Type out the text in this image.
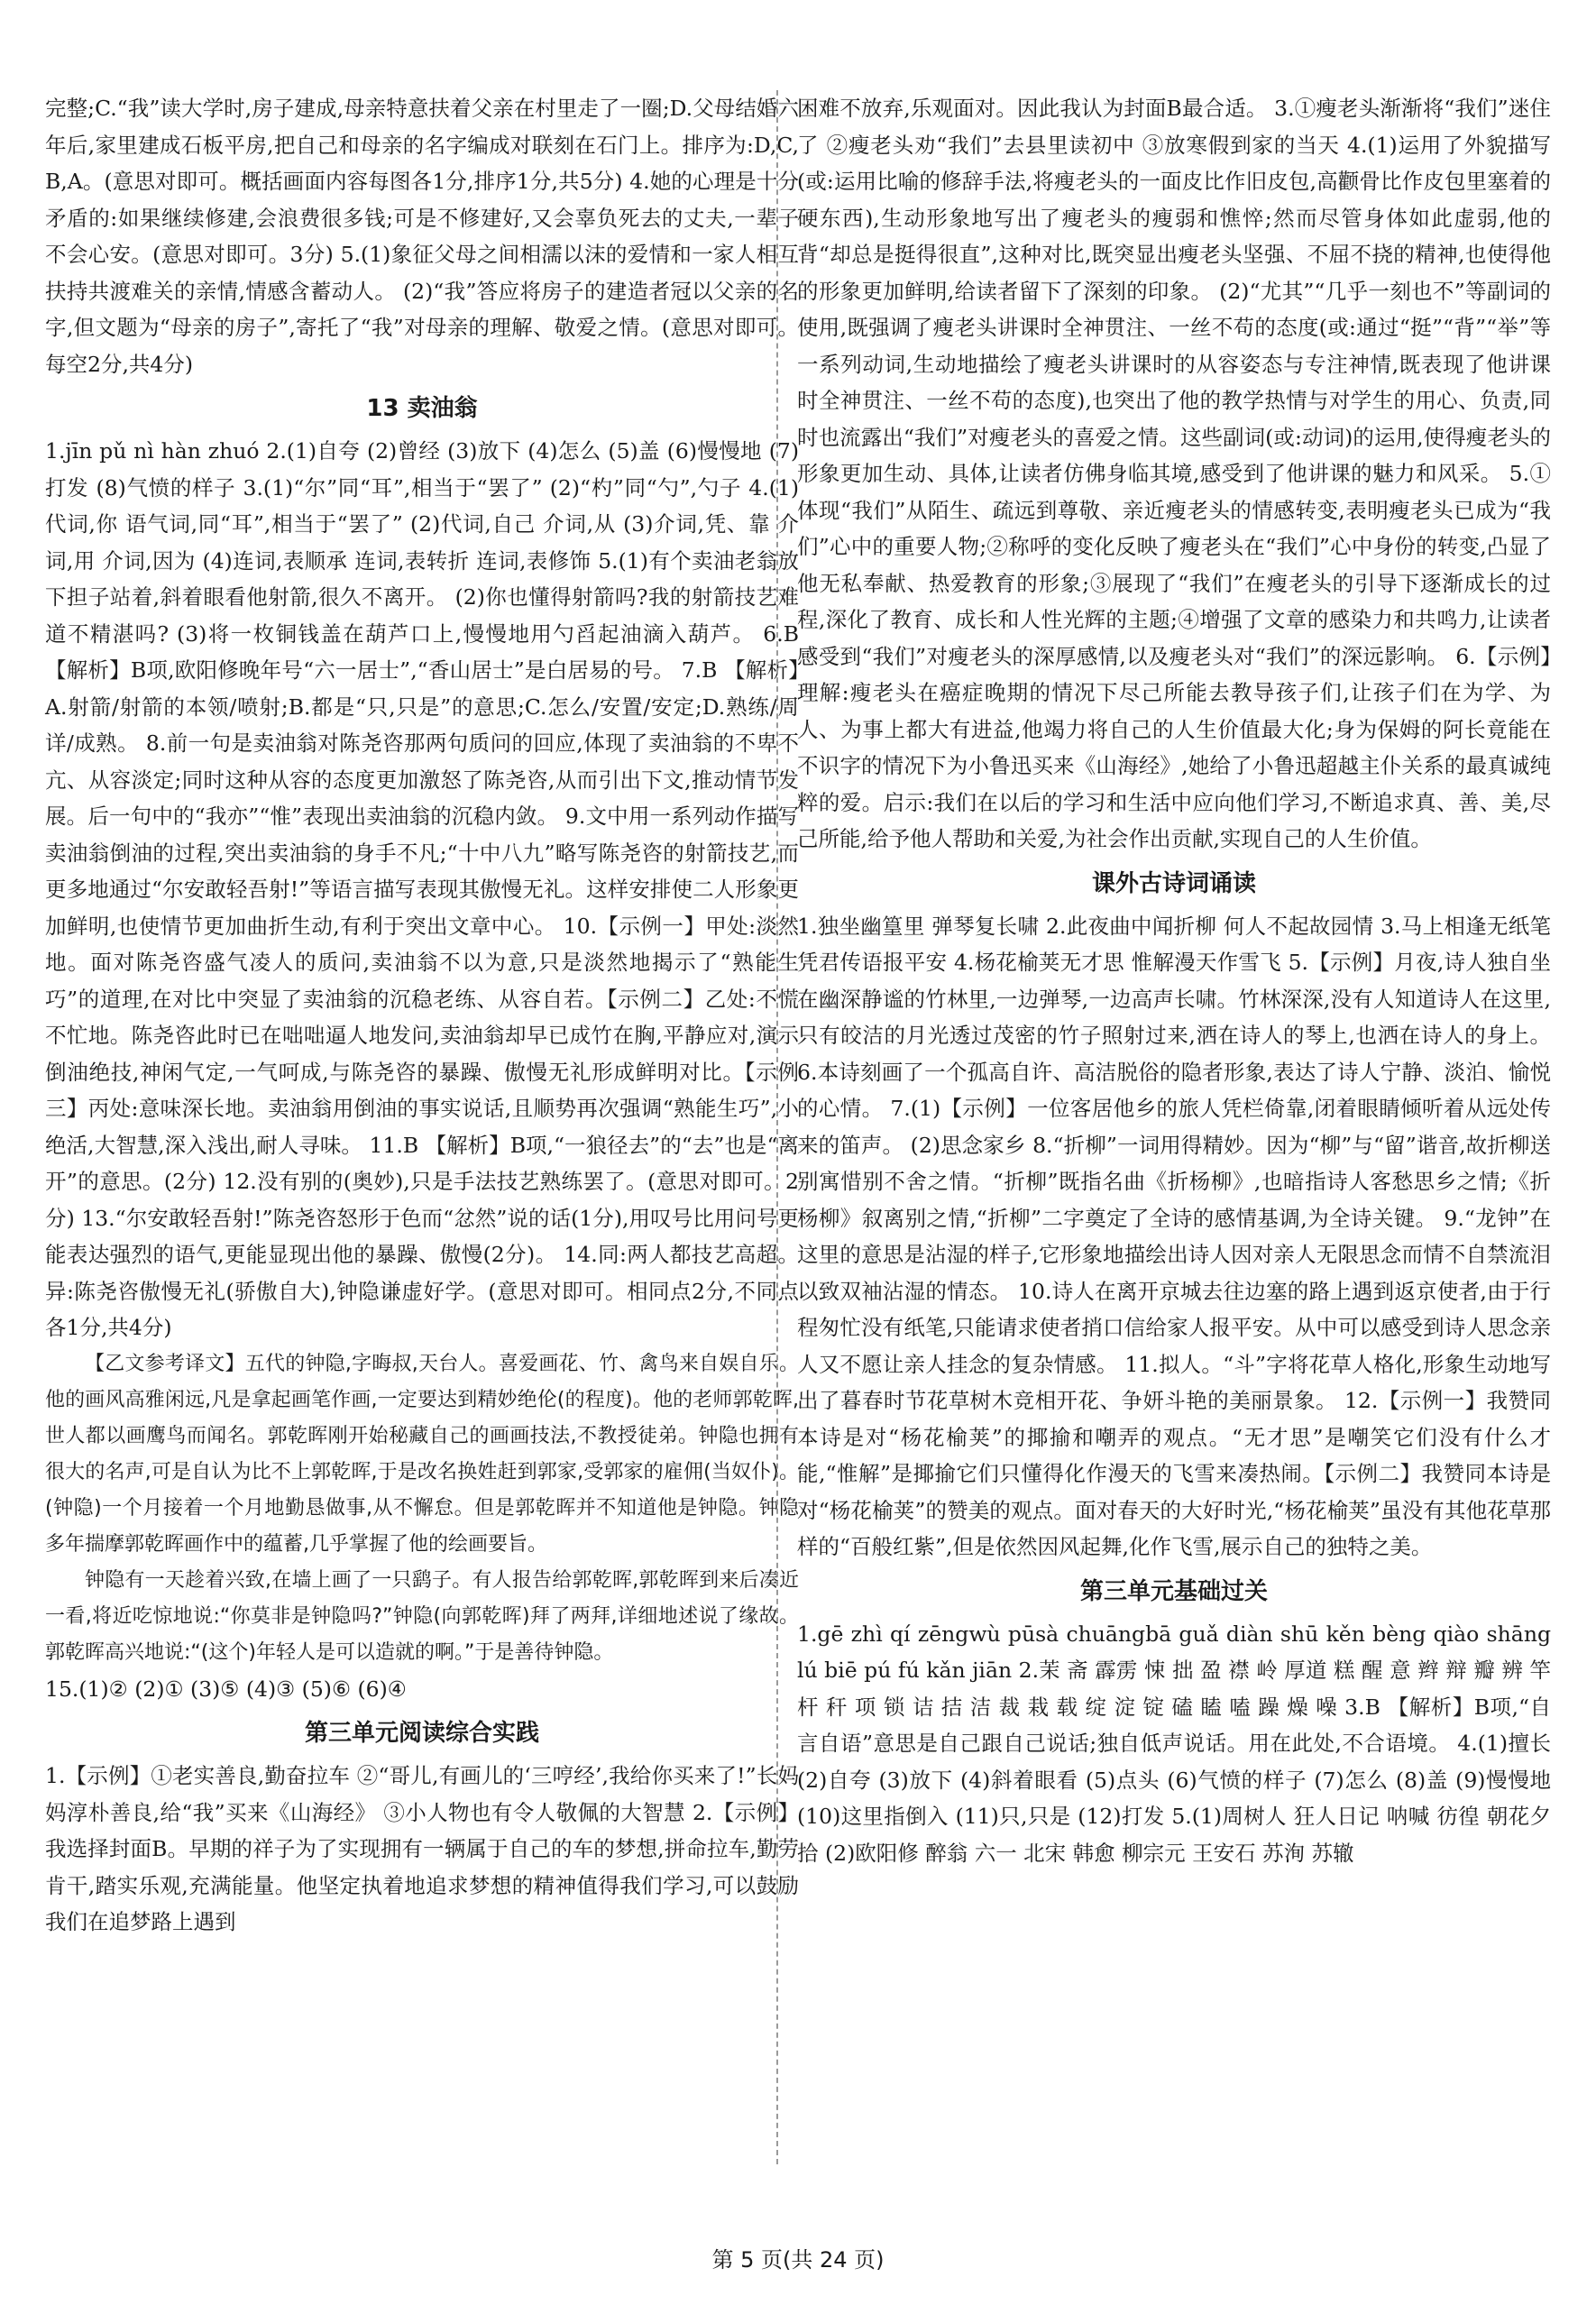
完整;C.“我”读大学时,房子建成,母亲特意扶着父亲在村里走了一圈;D.父母结婚六年后,家里建成石板平房,把自己和母亲的名字编成对联刻在石门上。排序为:D,C,B,A。(意思对即可。概括画面内容每图各1分,排序1分,共5分) 4.她的心理是十分矛盾的:如果继续修建,会浪费很多钱;可是不修建好,又会辜负死去的丈夫,一辈子不会心安。(意思对即可。3分) 5.(1)象征父母之间相濡以沫的爱情和一家人相互扶持共渡难关的亲情,情感含蓄动人。 (2)“我”答应将房子的建造者冠以父亲的名字,但文题为“母亲的房子”,寄托了“我”对母亲的理解、敬爱之情。(意思对即可。每空2分,共4分)

13 卖油翁

1.jīn pǔ nì hàn zhuó 2.(1)自夸 (2)曾经 (3)放下 (4)怎么 (5)盖 (6)慢慢地 (7)打发 (8)气愤的样子 3.(1)“尔”同“耳”,相当于“罢了” (2)“杓”同“勺”,勺子 4.(1)代词,你 语气词,同“耳”,相当于“罢了” (2)代词,自己 介词,从 (3)介词,凭、靠 介词,用 介词,因为 (4)连词,表顺承 连词,表转折 连词,表修饰 5.(1)有个卖油老翁放下担子站着,斜着眼看他射箭,很久不离开。 (2)你也懂得射箭吗?我的射箭技艺难道不精湛吗? (3)将一枚铜钱盖在葫芦口上,慢慢地用勺舀起油滴入葫芦。 6.B 【解析】B项,欧阳修晚年号“六一居士”,“香山居士”是白居易的号。 7.B 【解析】A.射箭/射箭的本领/喷射;B.都是“只,只是”的意思;C.怎么/安置/安定;D.熟练/周详/成熟。 8.前一句是卖油翁对陈尧咨那两句质问的回应,体现了卖油翁的不卑不亢、从容淡定;同时这种从容的态度更加激怒了陈尧咨,从而引出下文,推动情节发展。后一句中的“我亦”“惟”表现出卖油翁的沉稳内敛。 9.文中用一系列动作描写卖油翁倒油的过程,突出卖油翁的身手不凡;“十中八九”略写陈尧咨的射箭技艺,而更多地通过“尔安敢轻吾射!”等语言描写表现其傲慢无礼。这样安排使二人形象更加鲜明,也使情节更加曲折生动,有利于突出文章中心。 10.【示例一】甲处:淡然地。面对陈尧咨盛气凌人的质问,卖油翁不以为意,只是淡然地揭示了“熟能生巧”的道理,在对比中突显了卖油翁的沉稳老练、从容自若。【示例二】乙处:不慌不忙地。陈尧咨此时已在咄咄逼人地发问,卖油翁却早已成竹在胸,平静应对,演示倒油绝技,神闲气定,一气呵成,与陈尧咨的暴躁、傲慢无礼形成鲜明对比。【示例三】丙处:意味深长地。卖油翁用倒油的事实说话,且顺势再次强调“熟能生巧”,小绝活,大智慧,深入浅出,耐人寻味。 11.B 【解析】B项,“一狼径去”的“去”也是“离开”的意思。(2分) 12.没有别的(奥妙),只是手法技艺熟练罢了。(意思对即可。2分) 13.“尔安敢轻吾射!”陈尧咨怒形于色而“忿然”说的话(1分),用叹号比用问号更能表达强烈的语气,更能显现出他的暴躁、傲慢(2分)。 14.同:两人都技艺高超。异:陈尧咨傲慢无礼(骄傲自大),钟隐谦虚好学。(意思对即可。相同点2分,不同点各1分,共4分)

【乙文参考译文】五代的钟隐,字晦叔,天台人。喜爱画花、竹、禽鸟来自娱自乐。他的画风高雅闲远,凡是拿起画笔作画,一定要达到精妙绝伦(的程度)。他的老师郭乾晖,世人都以画鹰鸟而闻名。郭乾晖刚开始秘藏自己的画画技法,不教授徒弟。钟隐也拥有很大的名声,可是自认为比不上郭乾晖,于是改名换姓赶到郭家,受郭家的雇佣(当奴仆)。(钟隐)一个月接着一个月地勤恳做事,从不懈怠。但是郭乾晖并不知道他是钟隐。钟隐多年揣摩郭乾晖画作中的蕴蓄,几乎掌握了他的绘画要旨。

钟隐有一天趁着兴致,在墙上画了一只鹞子。有人报告给郭乾晖,郭乾晖到来后凑近一看,将近吃惊地说:“你莫非是钟隐吗?”钟隐(向郭乾晖)拜了两拜,详细地述说了缘故。郭乾晖高兴地说:“(这个)年轻人是可以造就的啊。”于是善待钟隐。

15.(1)② (2)① (3)⑤ (4)③ (5)⑥ (6)④

第三单元阅读综合实践

1.【示例】①老实善良,勤奋拉车 ②“哥儿,有画儿的‘三哼经’,我给你买来了!”长妈妈淳朴善良,给“我”买来《山海经》 ③小人物也有令人敬佩的大智慧 2.【示例】我选择封面B。早期的祥子为了实现拥有一辆属于自己的车的梦想,拼命拉车,勤劳肯干,踏实乐观,充满能量。他坚定执着地追求梦想的精神值得我们学习,可以鼓励我们在追梦路上遇到

困难不放弃,乐观面对。因此我认为封面B最合适。 3.①瘦老头渐渐将“我们”迷住了 ②瘦老头劝“我们”去县里读初中 ③放寒假到家的当天 4.(1)运用了外貌描写(或:运用比喻的修辞手法,将瘦老头的一面皮比作旧皮包,高颧骨比作皮包里塞着的硬东西),生动形象地写出了瘦老头的瘦弱和憔悴;然而尽管身体如此虚弱,他的背“却总是挺得很直”,这种对比,既突显出瘦老头坚强、不屈不挠的精神,也使得他的形象更加鲜明,给读者留下了深刻的印象。 (2)“尤其”“几乎一刻也不”等副词的使用,既强调了瘦老头讲课时全神贯注、一丝不苟的态度(或:通过“挺”“背”“举”等一系列动词,生动地描绘了瘦老头讲课时的从容姿态与专注神情,既表现了他讲课时全神贯注、一丝不苟的态度),也突出了他的教学热情与对学生的用心、负责,同时也流露出“我们”对瘦老头的喜爱之情。这些副词(或:动词)的运用,使得瘦老头的形象更加生动、具体,让读者仿佛身临其境,感受到了他讲课的魅力和风采。 5.①体现“我们”从陌生、疏远到尊敬、亲近瘦老头的情感转变,表明瘦老头已成为“我们”心中的重要人物;②称呼的变化反映了瘦老头在“我们”心中身份的转变,凸显了他无私奉献、热爱教育的形象;③展现了“我们”在瘦老头的引导下逐渐成长的过程,深化了教育、成长和人性光辉的主题;④增强了文章的感染力和共鸣力,让读者感受到“我们”对瘦老头的深厚感情,以及瘦老头对“我们”的深远影响。 6.【示例】理解:瘦老头在癌症晚期的情况下尽己所能去教导孩子们,让孩子们在为学、为人、为事上都大有进益,他竭力将自己的人生价值最大化;身为保姆的阿长竟能在不识字的情况下为小鲁迅买来《山海经》,她给了小鲁迅超越主仆关系的最真诚纯粹的爱。启示:我们在以后的学习和生活中应向他们学习,不断追求真、善、美,尽己所能,给予他人帮助和关爱,为社会作出贡献,实现自己的人生价值。

课外古诗词诵读

1.独坐幽篁里 弹琴复长啸 2.此夜曲中闻折柳 何人不起故园情 3.马上相逢无纸笔 凭君传语报平安 4.杨花榆荚无才思 惟解漫天作雪飞 5.【示例】月夜,诗人独自坐在幽深静谧的竹林里,一边弹琴,一边高声长啸。竹林深深,没有人知道诗人在这里,只有皎洁的月光透过茂密的竹子照射过来,洒在诗人的琴上,也洒在诗人的身上。 6.本诗刻画了一个孤高自许、高洁脱俗的隐者形象,表达了诗人宁静、淡泊、愉悦的心情。 7.(1)【示例】一位客居他乡的旅人凭栏倚靠,闭着眼睛倾听着从远处传来的笛声。 (2)思念家乡 8.“折柳”一词用得精妙。因为“柳”与“留”谐音,故折柳送别寓惜别不舍之情。“折柳”既指名曲《折杨柳》,也暗指诗人客愁思乡之情;《折杨柳》叙离别之情,“折柳”二字奠定了全诗的感情基调,为全诗关键。 9.“龙钟”在这里的意思是沾湿的样子,它形象地描绘出诗人因对亲人无限思念而情不自禁流泪以致双袖沾湿的情态。 10.诗人在离开京城去往边塞的路上遇到返京使者,由于行程匆忙没有纸笔,只能请求使者捎口信给家人报平安。从中可以感受到诗人思念亲人又不愿让亲人挂念的复杂情感。 11.拟人。“斗”字将花草人格化,形象生动地写出了暮春时节花草树木竞相开花、争妍斗艳的美丽景象。 12.【示例一】我赞同本诗是对“杨花榆荚”的揶揄和嘲弄的观点。“无才思”是嘲笑它们没有什么才能,“惟解”是揶揄它们只懂得化作漫天的飞雪来凑热闹。【示例二】我赞同本诗是对“杨花榆荚”的赞美的观点。面对春天的大好时光,“杨花榆荚”虽没有其他花草那样的“百般红紫”,但是依然因风起舞,化作飞雪,展示自己的独特之美。

第三单元基础过关

1.gē zhì qí zēngwù pūsà chuāngbā guǎ diàn shū kěn bèng qiào shāng lú biē pú fú kǎn jiān 2.茉 斋 霹雳 悚 拙 盈 襟 岭 厚道 糕 醒 意 辫 辩 瓣 辨 竿 杆 秆 项 锁 诘 拮 洁 裁 栽 载 绽 淀 锭 磕 瞌 嗑 躁 燥 噪 3.B 【解析】B项,“自言自语”意思是自己跟自己说话;独自低声说话。用在此处,不合语境。 4.(1)擅长 (2)自夸 (3)放下 (4)斜着眼看 (5)点头 (6)气愤的样子 (7)怎么 (8)盖 (9)慢慢地 (10)这里指倒入 (11)只,只是 (12)打发 5.(1)周树人 狂人日记 呐喊 彷徨 朝花夕拾 (2)欧阳修 醉翁 六一 北宋 韩愈 柳宗元 王安石 苏洵 苏辙

第 5 页(共 24 页)
